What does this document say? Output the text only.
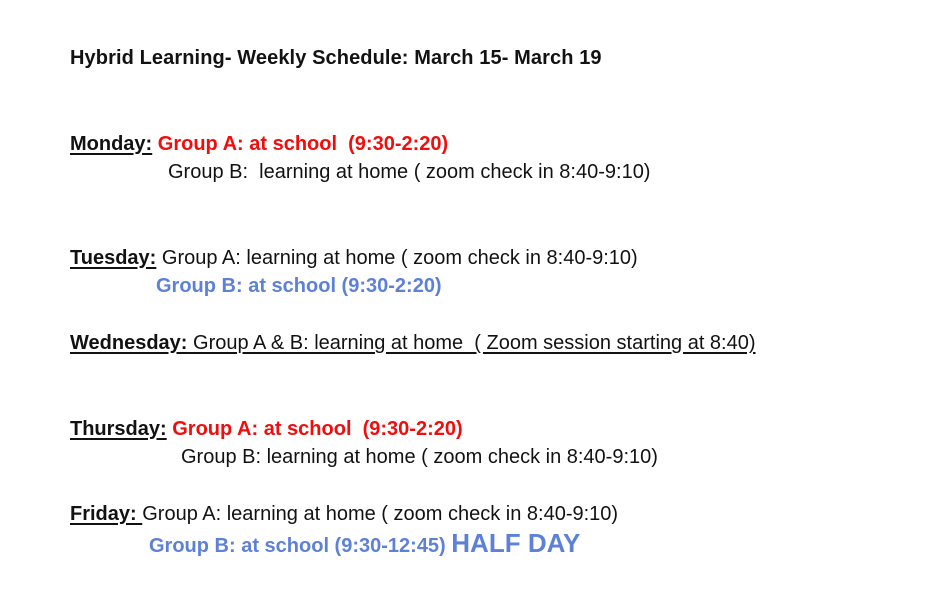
Hybrid Learning- Weekly Schedule: March 15- March 19
Monday: Group A: at school  (9:30-2:20)
Group B:  learning at home ( zoom check in 8:40-9:10)
Tuesday: Group A: learning at home ( zoom check in 8:40-9:10)
Group B: at school (9:30-2:20)
Wednesday: Group A & B: learning at home  ( Zoom session starting at 8:40)
Thursday: Group A: at school  (9:30-2:20)
Group B: learning at home ( zoom check in 8:40-9:10)
Friday: Group A: learning at home ( zoom check in 8:40-9:10)
Group B: at school (9:30-12:45) HALF DAY
